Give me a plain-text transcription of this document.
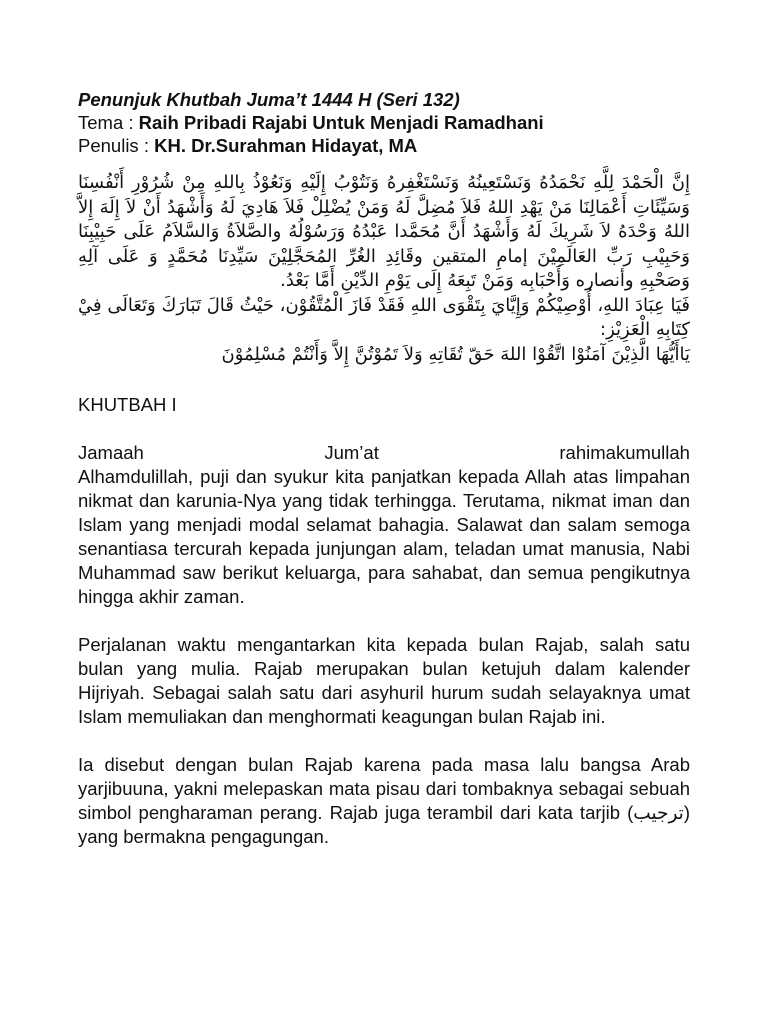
Penunjuk Khutbah Juma’t 1444 H (Seri 132)
Tema : Raih Pribadi Rajabi Untuk Menjadi Ramadhani
Penulis : KH. Dr.Surahman Hidayat, MA

إِنَّ الْحَمْدَ لِلَّهِ نَحْمَدُهُ وَنَسْتَعِينُهُ وَنَسْتَغْفِرهُ وَنَتُوْبُ إِلَيْهِ وَنَعُوْذُ بِاللهِ مِنْ شُرُوْرِ أَنْفُسِنَا وَسَيِّئَاتِ أَعْمَالِنَا مَنْ يَهْدِ اللهُ فَلاَ مُضِلَّ لَهُ وَمَنْ يُضْلِلْ فَلاَ هَادِيَ لَهُ وَأَشْهَدُ أَنْ لاَ إِلَهَ إِلاَّ اللهُ وَحْدَهُ لاَ شَرِيكَ لَهُ وَأَشْهَدُ أَنَّ مُحَمَّدا عَبْدُهُ وَرَسُوْلُهُ والصَّلاَةُ وَالسَّلاَمُ عَلَى حَبِيْبِنَا وَحَبِيْبِ رَبِّ العَالَمِيْنَ إمامِ المتقين وقَائِدِ الغُرِّ المُحَجَّلِيْنَ سَيِّدِنَا مُحَمَّدٍ وَ عَلَى آلِهِ وَصَحْبِهِ وأنصاره وَأَحْبَابِه وَمَنْ تَبِعَهُ إِلَى يَوْمِ الدِّيْنِ أَمَّا بَعْدُ.

فَيَا عِبَادَ اللهِ، أُوْصِيْكُمْ وَإِيَّايَ بِتَقْوَى اللهِ فَقَدْ فَازَ الْمُتَّقُوْن، حَيْثُ قَالَ تَبَارَكَ وَتَعَالَى فِيْ كِتَابِهِ الْعَزِيْزِ:

يَاأَيُّهَا الَّذِيْنَ آمَنُوْا اتَّقُوْا اللهَ حَقّ تُقَاتِهِ وَلاَ تَمُوْتُنَّ إِلاَّ وَأَنْتُمْ مُسْلِمُوْنَ

KHUTBAH I
Jamaah	Jum’at	rahimakumullah

Alhamdulillah, puji dan syukur kita panjatkan kepada Allah atas limpahan nikmat dan karunia-Nya yang tidak terhingga. Terutama, nikmat iman dan Islam yang menjadi modal selamat bahagia. Salawat dan salam semoga senantiasa tercurah kepada junjungan alam, teladan umat manusia, Nabi Muhammad saw berikut keluarga, para sahabat, dan semua pengikutnya hingga akhir zaman.

Perjalanan waktu mengantarkan kita kepada bulan Rajab, salah satu bulan yang mulia. Rajab merupakan bulan ketujuh dalam kalender Hijriyah. Sebagai salah satu dari asyhuril hurum sudah selayaknya umat Islam memuliakan dan menghormati keagungan bulan Rajab ini.

Ia disebut dengan bulan Rajab karena pada masa lalu bangsa Arab yarjibuuna, yakni melepaskan mata pisau dari tombaknya sebagai sebuah simbol pengharaman perang. Rajab juga terambil dari kata tarjib (ترجيب) yang bermakna pengagungan.
